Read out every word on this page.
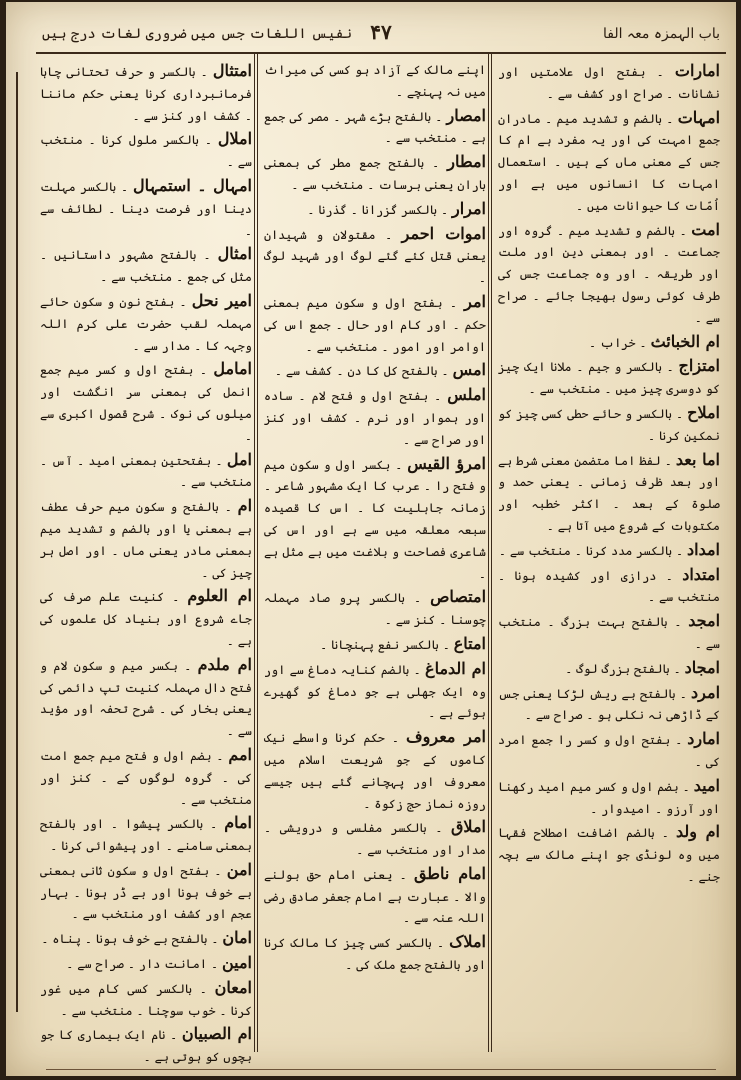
باب الہمزہ معہ الفا
۴۷
نفیس اللغات جس میں ضروری لغات درج ہیں
امارات ۔ بفتح اول علامتیں اور نشانات ۔ صراح اور کشف سے ۔
امہات ۔ بالضم و تشدید میم ۔ مادران جمع امہت کی اور یہ مفرد ہے ام کا جس کے معنی ماں کے ہیں ۔ استعمال امہات کا انسانوں میں ہے اور اُمّات کا حیوانات میں ۔
امت ۔ بالضم و تشدید میم ۔ گروہ اور جماعت ۔ اور بمعنی دین اور ملت اور طریقہ ۔ اور وہ جماعت جس کی طرف کوئی رسول بھیجا جائے ۔ صراح سے ۔
ام الخبائث ۔ خراب ۔
امتزاج ۔ بالکسر و جیم ۔ ملانا ایک چیز کو دوسری چیز میں ۔ منتخب سے ۔
املاح ۔ بالکسر و حائے حطی کسی چیز کو نمکین کرنا ۔
اما بعد ۔ لفظ اما متضمن معنی شرط ہے اور بعد ظرف زمانی ۔ یعنی حمد و صلوۃ کے بعد ۔ اکثر خطبہ اور مکتوبات کے شروع میں آتا ہے ۔
امداد ۔ بالکسر مدد کرنا ۔ منتخب سے ۔
امتداد ۔ درازی اور کشیدہ ہونا ۔ منتخب سے ۔
امجد ۔ بالفتح بہت بزرگ ۔ منتخب سے ۔
امجاد ۔ بالفتح بزرگ لوگ ۔
امرد ۔ بالفتح بے ریش لڑکا یعنی جس کے ڈاڑھی نہ نکلی ہو ۔ صراح سے ۔
امارد ۔ بفتح اول و کسر را جمع امرد کی ۔
امید ۔ بضم اول و کسر میم امید رکھنا اور آرزو ۔ امیدوار ۔
ام ولد ۔ بالضم اضافت اصطلاح فقہا میں وہ لونڈی جو اپنے مالک سے بچہ جنے ۔
اپنے مالک کے آزاد ہو کسی کی میراث میں نہ پہنچے ۔
امصار ۔ بالفتح بڑے شہر ۔ مصر کی جمع ہے ۔ منتخب سے ۔
امطار ۔ بالفتح جمع مطر کی بمعنی باران یعنی برسات ۔ منتخب سے ۔
امرار ۔ بالکسر گزرانا ۔ گذرنا ۔
اموات احمر ۔ مقتولان و شہیدان یعنی قتل کئے گئے لوگ اور شہید لوگ ۔
امر ۔ بفتح اول و سکون میم بمعنی حکم ۔ اور کام اور حال ۔ جمع اس کی اوامر اور امور ۔ منتخب سے ۔
امس ۔ بالفتح کل کا دن ۔ کشف سے ۔
املس ۔ بفتح اول و فتح لام ۔ سادہ اور ہموار اور نرم ۔ کشف اور کنز اور صراح سے ۔
امرؤ القیس ۔ بکسر اول و سکون میم و فتح را ۔ عرب کا ایک مشہور شاعر ۔ زمانہ جاہلیت کا ۔ اس کا قصیدہ سبعہ معلقہ میں سے ہے اور اس کی شاعری فصاحت و بلاغت میں بے مثل ہے ۔
امتصاص ۔ بالکسر پرو صاد مہملہ چوسنا ۔ کنز سے ۔
امتاع ۔ بالکسر نفع پہنچانا ۔
ام الدماغ ۔ بالضم کنایہ دماغ سے اور وہ ایک جھلی ہے جو دماغ کو گھیرے ہوئے ہے ۔
امر معروف ۔ حکم کرنا واسطے نیک کاموں کے جو شریعت اسلام میں معروف اور پہچانے گئے ہیں جیسے روزہ نماز حج زکوۃ ۔
املاق ۔ بالکسر مفلسی و درویشی ۔ مدار اور منتخب سے ۔
امام ناطق ۔ یعنی امام حق بولنے والا ۔ عبارت ہے امام جعفر صادق رضی اللہ عنہ سے ۔
املاک ۔ بالکسر کسی چیز کا مالک کرنا اور بالفتح جمع ملک کی ۔
امتثال ۔ بالکسر و حرف تحتانی چاہا فرمانبرداری کرنا یعنی حکم ماننا ۔ کشف اور کنز سے ۔
املال ۔ بالکسر ملول کرنا ۔ منتخب سے ۔
امہال ۔ استمہال ۔ بالکسر مہلت دینا اور فرصت دینا ۔ لطائف سے ۔
امثال ۔ بالفتح مشہور داستانیں ۔ مثل کی جمع ۔ منتخب سے ۔
امیر نحل ۔ بفتح نون و سکون حائے مہملہ لقب حضرت علی کرم اللہ وجہہ کا ۔ مدار سے ۔
امامل ۔ بفتح اول و کسر میم جمع انمل کی بمعنی سر انگشت اور میلوں کی نوک ۔ شرح قصول اکبری سے ۔
امل ۔ بفتحتین بمعنی امید ۔ آس ۔ منتخب سے ۔
ام ۔ بالفتح و سکون میم حرف عطف ہے بمعنی یا اور بالضم و تشدید میم بمعنی مادر یعنی ماں ۔ اور اصل ہر چیز کی ۔
ام العلوم ۔ کنیت علم صرف کی جاے شروع اور بنیاد کل علموں کی ہے ۔
ام ملدم ۔ بکسر میم و سکون لام و فتح دال مہملہ کنیت تپ دائمی کی یعنی بخار کی ۔ شرح تحفہ اور مؤید سے ۔
امم ۔ بضم اول و فتح میم جمع امت کی ۔ گروہ لوگوں کے ۔ کنز اور منتخب سے ۔
امام ۔ بالکسر پیشوا ۔ اور بالفتح بمعنی سامنے ۔ اور پیشوائی کرنا ۔
امن ۔ بفتح اول و سکون ثانی بمعنی بے خوف ہونا اور بے ڈر ہونا ۔ بہار عجم اور کشف اور منتخب سے ۔
امان ۔ بالفتح بے خوف ہونا ۔ پناہ ۔
امین ۔ امانت دار ۔ صراح سے ۔
امعان ۔ بالکسر کسی کام میں غور کرنا ۔ خوب سوچنا ۔ منتخب سے ۔
ام الصبیان ۔ نام ایک بیماری کا جو بچوں کو ہوتی ہے ۔
